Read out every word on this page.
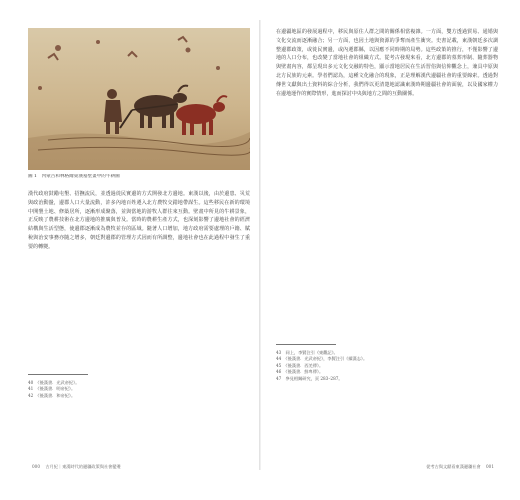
圖 1　內蒙古和林格爾東漢墓壁畫中的牛耕圖
漢代政府鼓勵屯墾、招撫流民，並透過徙民實邊的方式開發北方邊地。東漢以後，由於邊患、災荒與政治動盪，邊郡人口大量流動，許多內地百姓遷入北方農牧交錯地帶謀生。這些移民在新的環境中開墾土地、修築居所，逐漸形成聚落，並與當地的游牧人群往來互動。壁畫中所見的牛耕景象，正反映了農耕技術在北方邊地的推廣與普及。當時的農耕生產方式，也深刻影響了邊地社會的經濟結構與生活型態，使邊郡逐漸成為農牧並存的區域。隨著人口增加，地方政府需要處理的戶籍、賦稅與治安事務亦隨之增多，朝廷對邊郡的管理方式因而有所調整，邊地社會也在此過程中發生了重要的轉變。
40　《後漢書．光武帝紀》。
41　《後漢書．明帝紀》。
42　《後漢書．和帝紀》。
000 古月紀｜東漢時代的邊疆政策與社會變遷
在邊疆地區的發展過程中，移民與原住人群之間的關係相當複雜。一方面，雙方透過貿易、通婚與文化交流而逐漸融合；另一方面，也因土地與資源的爭奪而產生衝突。史書記載，東漢朝廷多次調整邊郡政策，或徙民實邊，或內遷郡縣，以因應不同時期的局勢。這些政策的推行，不僅影響了邊地的人口分布，也改變了當地社會的組織方式。從考古發現來看，北方邊郡的墓葬形制、隨葬器物與壁畫內容，都呈現出多元文化交融的特色，顯示當地居民在生活習俗與信仰觀念上，兼具中原與北方民族的元素。學者們認為，這種文化融合的現象，正是理解漢代邊疆社會的重要線索。透過對傳世文獻與出土資料的綜合分析，我們得以更清楚地認識東漢時期邊疆社會的面貌，以及國家權力在邊地運作的實際情形，進而探討中央與地方之間的互動關係。
43　同上，李賢注引《東觀記》。
44　《後漢書．光武帝紀》，李賢注引《續漢志》。
45　《後漢書．西羌傳》。
46　《後漢書．鮮卑傳》。
47　參見相關研究，頁 283–287。
從考古與文獻看東漢邊疆社會 001
